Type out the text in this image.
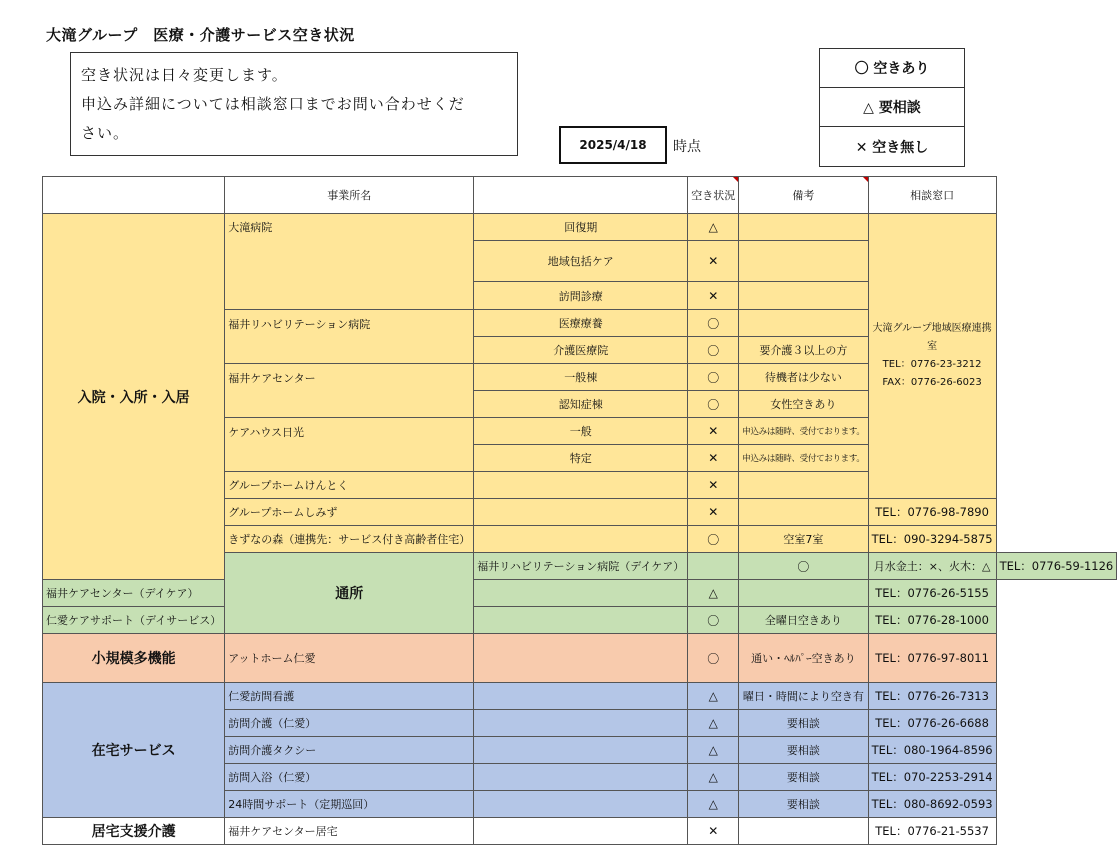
大滝グループ　医療・介護サービス空き状況
空き状況は日々変更します。
申込み詳細については相談窓口までお問い合わせくだ
さい。
2025/4/18	時点
〇 空きあり
△ 要相談
✕ 空き無し
	事業所名		空き状況	備考	相談窓口	
入院・入所・入居	大滝病院	回復期	△		大滝グループ地域医療連携室
TEL：0776-23-3212
FAX：0776-26-6023	

		地域包括ケア	✕			
		訪問診療	✕			
	福井リハビリテーション病院	医療療養	〇			
		介護医療院	〇	要介護３以上の方		
	福井ケアセンター	一般棟	〇	待機者は少ない		
		認知症棟	〇	女性空きあり		
	ケアハウス日光	一般	✕	申込みは随時、受付ております。		
		特定	✕	申込みは随時、受付ております。		
	グループホームけんとく		✕			
	グループホームしみず		✕		TEL：0776-98-7890	
	きずなの森（連携先：サービス付き高齢者住宅）		〇	空室7室	TEL：090-3294-5875	
	通所	福井リハビリテーション病院（デイケア）		〇	月水金土：×、火木：△	TEL：0776-59-1126
福井ケアセンター（デイケア）			△		TEL：0776-26-5155	
仁愛ケアサポート（デイサービス）			〇	全曜日空きあり	TEL：0776-28-1000	
小規模多機能	アットホーム仁愛		〇	通い・ﾍﾙﾊﾟｰ空きあり	TEL：0776-97-8011	
在宅サービス	仁愛訪問看護		△	曜日・時間により空き有	TEL：0776-26-7313	
	訪問介護（仁愛）		△	要相談	TEL：0776-26-6688	
	訪問介護タクシー		△	要相談	TEL：080-1964-8596	
	訪問入浴（仁愛）		△	要相談	TEL：070-2253-2914	
	24時間サポート（定期巡回）		△	要相談	TEL：080-8692-0593	
居宅支援介護	福井ケアセンター居宅		✕		TEL：0776-21-5537	
